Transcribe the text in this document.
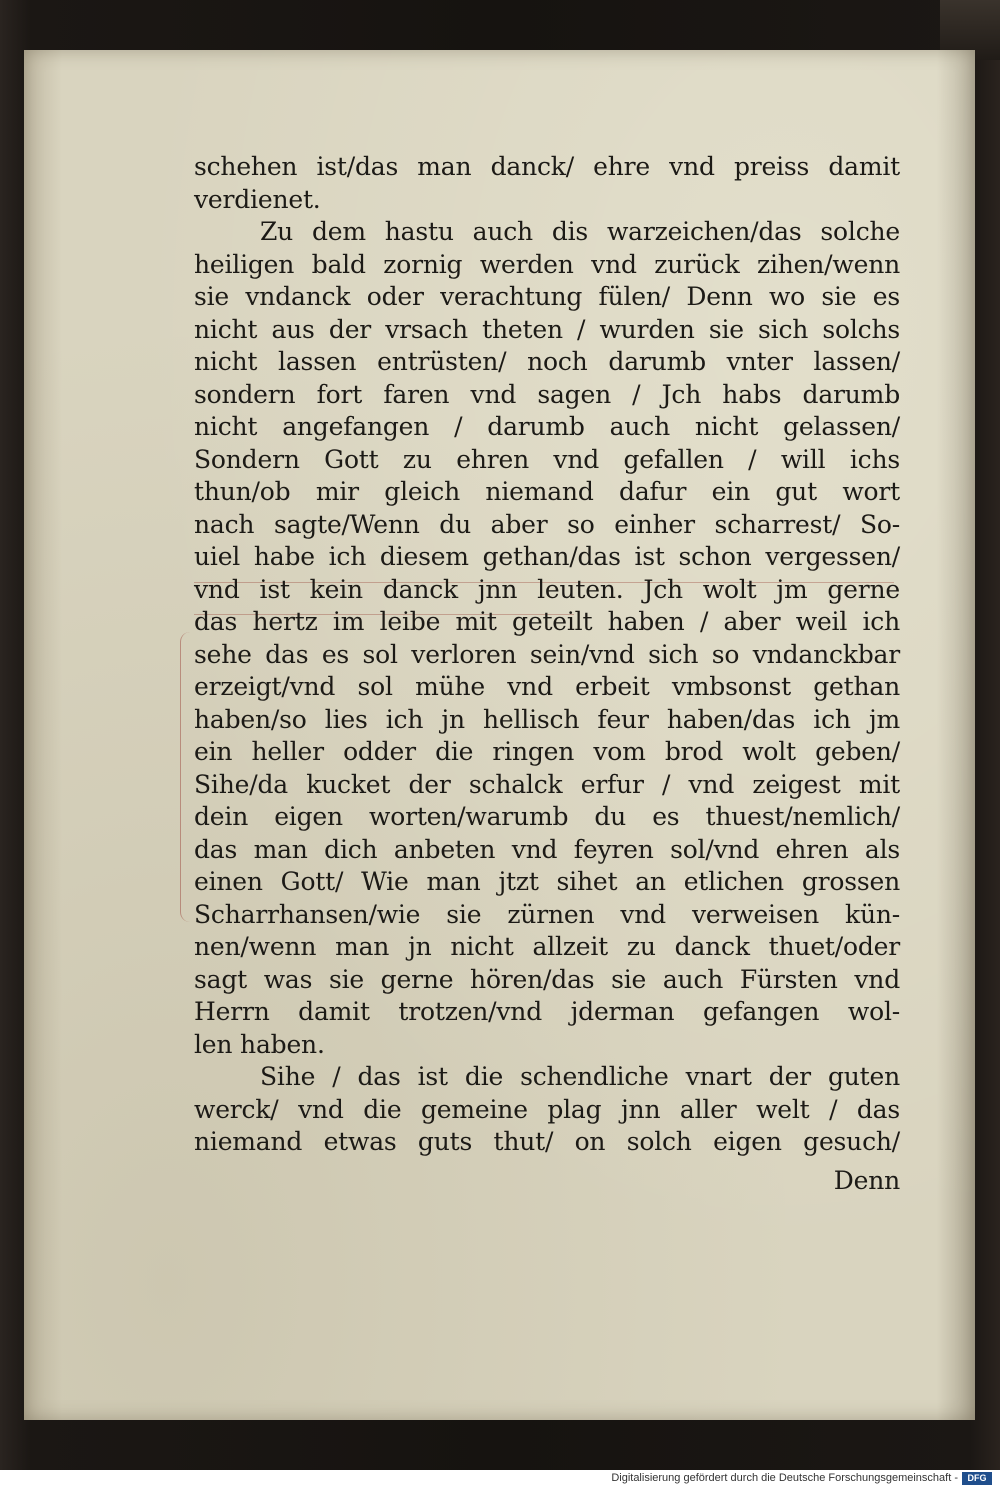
schehen ist/das man danck/ ehre vnd preiss damit
verdienet.
Zu dem hastu auch dis warzeichen/das solche
heiligen bald zornig werden vnd zurück zihen/wenn
sie vndanck oder verachtung fülen/ Denn wo sie es
nicht aus der vrsach theten / wurden sie sich solchs
nicht lassen entrüsten/ noch darumb vnter lassen/
sondern fort faren vnd sagen / Jch habs darumb
nicht angefangen / darumb auch nicht gelassen/
Sondern Gott zu ehren vnd gefallen / will ichs
thun/ob mir gleich niemand dafur ein gut wort
nach sagte/Wenn du aber so einher scharrest/ So-
uiel habe ich diesem gethan/das ist schon vergessen/
vnd ist kein danck jnn leuten. Jch wolt jm gerne
das hertz im leibe mit geteilt haben / aber weil ich
sehe das es sol verloren sein/vnd sich so vndanckbar
erzeigt/vnd sol mühe vnd erbeit vmbsonst gethan
haben/so lies ich jn hellisch feur haben/das ich jm
ein heller odder die ringen vom brod wolt geben/
Sihe/da kucket der schalck erfur / vnd zeigest mit
dein eigen worten/warumb du es thuest/nemlich/
das man dich anbeten vnd feyren sol/vnd ehren als
einen Gott/ Wie man jtzt sihet an etlichen grossen
Scharrhansen/wie sie zürnen vnd verweisen kün-
nen/wenn man jn nicht allzeit zu danck thuet/oder
sagt was sie gerne hören/das sie auch Fürsten vnd
Herrn damit trotzen/vnd jderman gefangen wol-
len haben.
Sihe / das ist die schendliche vnart der guten
werck/ vnd die gemeine plag jnn aller welt / das
niemand etwas guts thut/ on solch eigen gesuch/
Denn
Digitalisierung gefördert durch die Deutsche Forschungsgemeinschaft -	DFG
